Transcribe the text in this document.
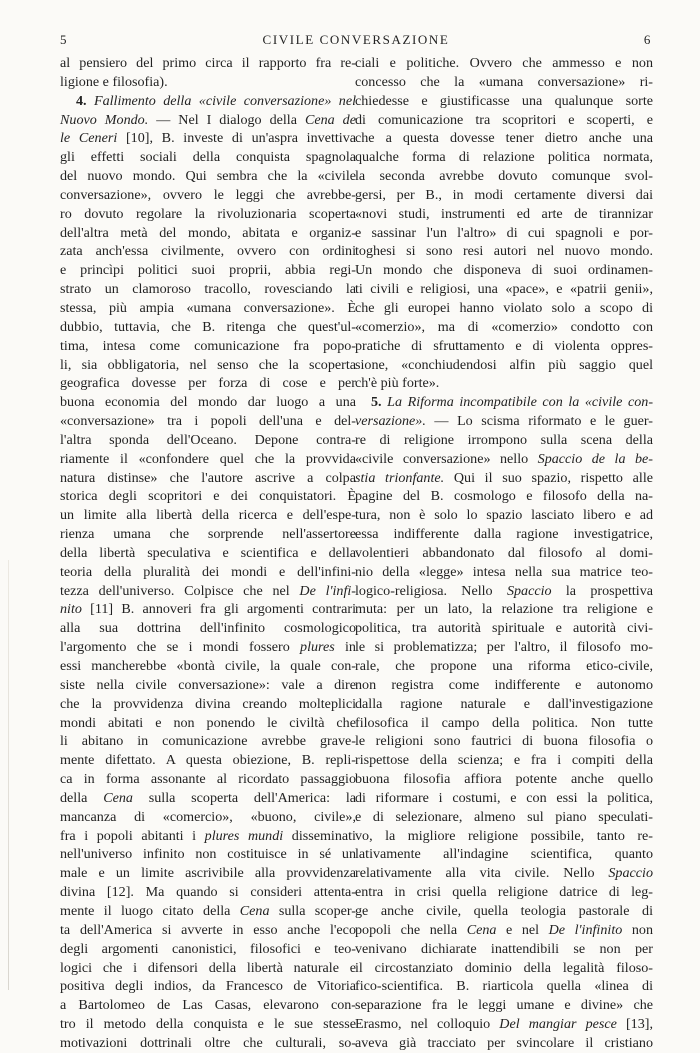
5	CIVILE CONVERSAZIONE	6
al pensiero del primo circa il rapporto fra re-
ligione e filosofia).
4. Fallimento della «civile conversazione» nel
Nuovo Mondo. — Nel I dialogo della Cena de
le Ceneri [10], B. investe di un'aspra invettiva
gli effetti sociali della conquista spagnola
del nuovo mondo. Qui sembra che la «civile
conversazione», ovvero le leggi che avrebbe-
ro dovuto regolare la rivoluzionaria scoperta
dell'altra metà del mondo, abitata e organiz-
zata anch'essa civilmente, ovvero con ordini
e princìpi politici suoi proprii, abbia regi-
strato un clamoroso tracollo, rovesciando la
stessa, più ampia «umana conversazione». È
dubbio, tuttavia, che B. ritenga che quest'ul-
tima, intesa come comunicazione fra popo-
li, sia obbligatoria, nel senso che la scoperta
geografica dovesse per forza di cose e per
buona economia del mondo dar luogo a una
«conversazione» tra i popoli dell'una e del-
l'altra sponda dell'Oceano. Depone contra-
riamente il «confondere quel che la provvida
natura distinse» che l'autore ascrive a colpa
storica degli scopritori e dei conquistatori. È
un limite alla libertà della ricerca e dell'espe-
rienza umana che sorprende nell'assertore
della libertà speculativa e scientifica e della
teoria della pluralità dei mondi e dell'infini-
tezza dell'universo. Colpisce che nel De l'infi-
nito [11] B. annoveri fra gli argomenti contrari
alla sua dottrina dell'infinito cosmologico
l'argomento che se i mondi fossero plures in
essi mancherebbe «bontà civile, la quale con-
siste nella civile conversazione»: vale a dire
che la provvidenza divina creando molteplici
mondi abitati e non ponendo le civiltà che
li abitano in comunicazione avrebbe grave-
mente difettato. A questa obiezione, B. repli-
ca in forma assonante al ricordato passaggio
della Cena sulla scoperta dell'America: la
mancanza di «comercio», «buono, civile»,
fra i popoli abitanti i plures mundi disseminati
nell'universo infinito non costituisce in sé un
male e un limite ascrivibile alla provvidenza
divina [12]. Ma quando si consideri attenta-
mente il luogo citato della Cena sulla scoper-
ta dell'America si avverte in esso anche l'eco
degli argomenti canonistici, filosofici e teo-
logici che i difensori della libertà naturale e
positiva degli indios, da Francesco de Vitoria
a Bartolomeo de Las Casas, elevarono con-
tro il metodo della conquista e le sue stesse
motivazioni dottrinali oltre che culturali, so-
ciali e politiche. Ovvero che ammesso e non
concesso che la «umana conversazione» ri-
chiedesse e giustificasse una qualunque sorte
di comunicazione tra scopritori e scoperti, e
che a questa dovesse tener dietro anche una
qualche forma di relazione politica normata,
la seconda avrebbe dovuto comunque svol-
gersi, per B., in modi certamente diversi dai
«novi studi, instrumenti ed arte de tirannizar
e sassinar l'un l'altro» di cui spagnoli e por-
toghesi si sono resi autori nel nuovo mondo.
Un mondo che disponeva di suoi ordinamen-
ti civili e religiosi, una «pace», e «patrii genii»,
che gli europei hanno violato solo a scopo di
«comerzio», ma di «comerzio» condotto con
pratiche di sfruttamento e di violenta oppres-
sione, «conchiudendosi alfin più saggio quel
ch'è più forte».
5. La Riforma incompatibile con la «civile con-
versazione». — Lo scisma riformato e le guer-
re di religione irrompono sulla scena della
«civile conversazione» nello Spaccio de la be-
stia trionfante. Qui il suo spazio, rispetto alle
pagine del B. cosmologo e filosofo della na-
tura, non è solo lo spazio lasciato libero e ad
essa indifferente dalla ragione investigatrice,
volentieri abbandonato dal filosofo al domi-
nio della «legge» intesa nella sua matrice teo-
logico-religiosa. Nello Spaccio la prospettiva
muta: per un lato, la relazione tra religione e
politica, tra autorità spirituale e autorità civi-
le si problematizza; per l'altro, il filosofo mo-
rale, che propone una riforma etico-civile,
non registra come indifferente e autonomo
dalla ragione naturale e dall'investigazione
filosofica il campo della politica. Non tutte
le religioni sono fautrici di buona filosofia o
rispettose della scienza; e fra i compiti della
buona filosofia affiora potente anche quello
di riformare i costumi, e con essi la politica,
e di selezionare, almeno sul piano speculati-
vo, la migliore religione possibile, tanto re-
lativamente all'indagine scientifica, quanto
relativamente alla vita civile. Nello Spaccio
entra in crisi quella religione datrice di leg-
ge anche civile, quella teologia pastorale di
popoli che nella Cena e nel De l'infinito non
venivano dichiarate inattendibili se non per
il circostanziato dominio della legalità filoso-
fico-scientifica. B. riarticola quella «linea di
separazione fra le leggi umane e divine» che
Erasmo, nel colloquio Del mangiar pesce [13],
aveva già tracciato per svincolare il cristiano
